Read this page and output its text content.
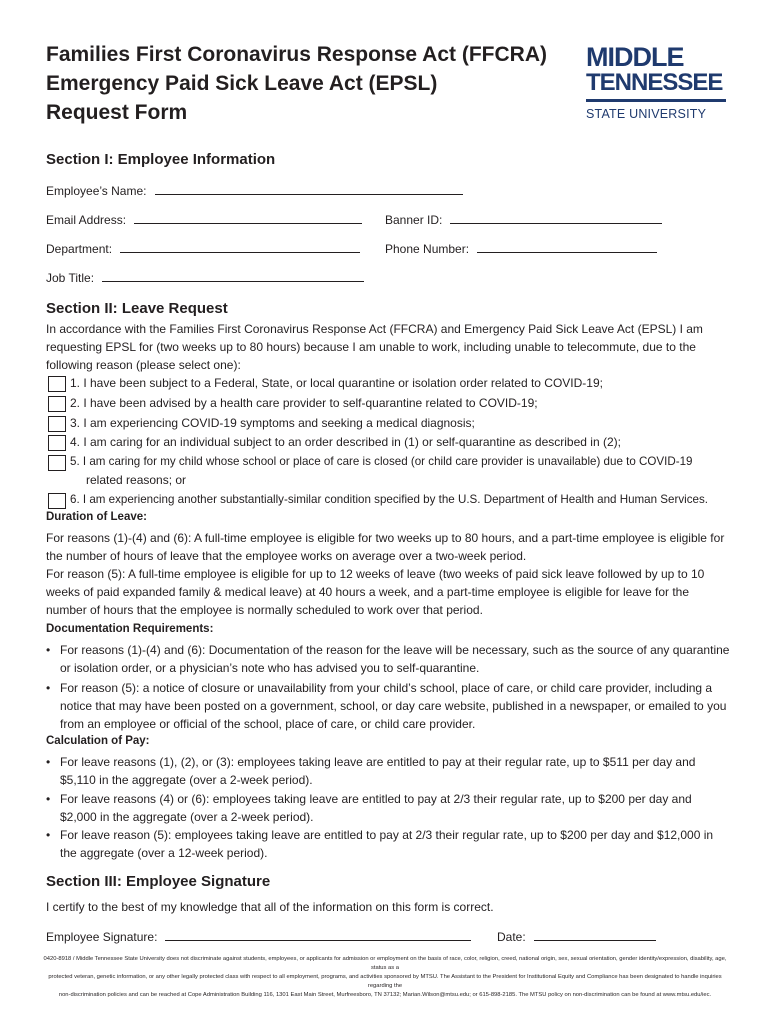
Families First Coronavirus Response Act (FFCRA)
Emergency Paid Sick Leave Act (EPSL)
Request Form
MIDDLE
TENNESSEE
STATE UNIVERSITY
Section I: Employee Information
Employee’s Name:
Email Address:	Banner ID:
Department:	Phone Number:
Job Title:
Section II: Leave Request
In accordance with the Families First Coronavirus Response Act (FFCRA) and Emergency Paid Sick Leave Act (EPSL) I am requesting EPSL for (two weeks up to 80 hours) because I am unable to work, including unable to telecommute, due to the following reason (please select one):
1. I have been subject to a Federal, State, or local quarantine or isolation order related to COVID-19;
2. I have been advised by a health care provider to self-quarantine related to COVID-19;
3. I am experiencing COVID-19 symptoms and seeking a medical diagnosis;
4. I am caring for an individual subject to an order described in (1) or self-quarantine as described in (2);
5. I am caring for my child whose school or place of care is closed (or child care provider is unavailable) due to COVID-19
related reasons; or
6. I am experiencing another substantially-similar condition specified by the U.S. Department of Health and Human Services.
Duration of Leave:
For reasons (1)-(4) and (6): A full-time employee is eligible for two weeks up to 80 hours, and a part-time employee is eligible for the number of hours of leave that the employee works on average over a two-week period.
For reason (5): A full-time employee is eligible for up to 12 weeks of leave (two weeks of paid sick leave followed by up to 10 weeks of paid expanded family & medical leave) at 40 hours a week, and a part-time employee is eligible for leave for the number of hours that the employee is normally scheduled to work over that period.
Documentation Requirements:
• For reasons (1)-(4) and (6): Documentation of the reason for the leave will be necessary, such as the source of any quarantine or isolation order, or a physician’s note who has advised you to self-quarantine.
• For reason (5): a notice of closure or unavailability from your child’s school, place of care, or child care provider, including a notice that may have been posted on a government, school, or day care website, published in a newspaper, or emailed to you from an employee or official of the school, place of care, or child care provider.
Calculation of Pay:
• For leave reasons (1), (2), or (3): employees taking leave are entitled to pay at their regular rate, up to $511 per day and $5,110 in the aggregate (over a 2-week period).
• For leave reasons (4) or (6): employees taking leave are entitled to pay at 2/3 their regular rate, up to $200 per day and $2,000 in the aggregate (over a 2-week period).
• For leave reason (5): employees taking leave are entitled to pay at 2/3 their regular rate, up to $200 per day and $12,000 in the aggregate (over a 12-week period).
Section III: Employee Signature
I certify to the best of my knowledge that all of the information on this form is correct.
Employee Signature:	Date:
0420-8918 / Middle Tennessee State University does not discriminate against students, employees, or applicants for admission or employment on the basis of race, color, religion, creed, national origin, sex, sexual orientation, gender identity/expression, disability, age, status as a
protected veteran, genetic information, or any other legally protected class with respect to all employment, programs, and activities sponsored by MTSU. The Assistant to the President for Institutional Equity and Compliance has been designated to handle inquiries regarding the
non-discrimination policies and can be reached at Cope Administration Building 116, 1301 East Main Street, Murfreesboro, TN 37132; Marian.Wilson@mtsu.edu; or 615-898-2185. The MTSU policy on non-discrimination can be found at www.mtsu.edu/iec.
